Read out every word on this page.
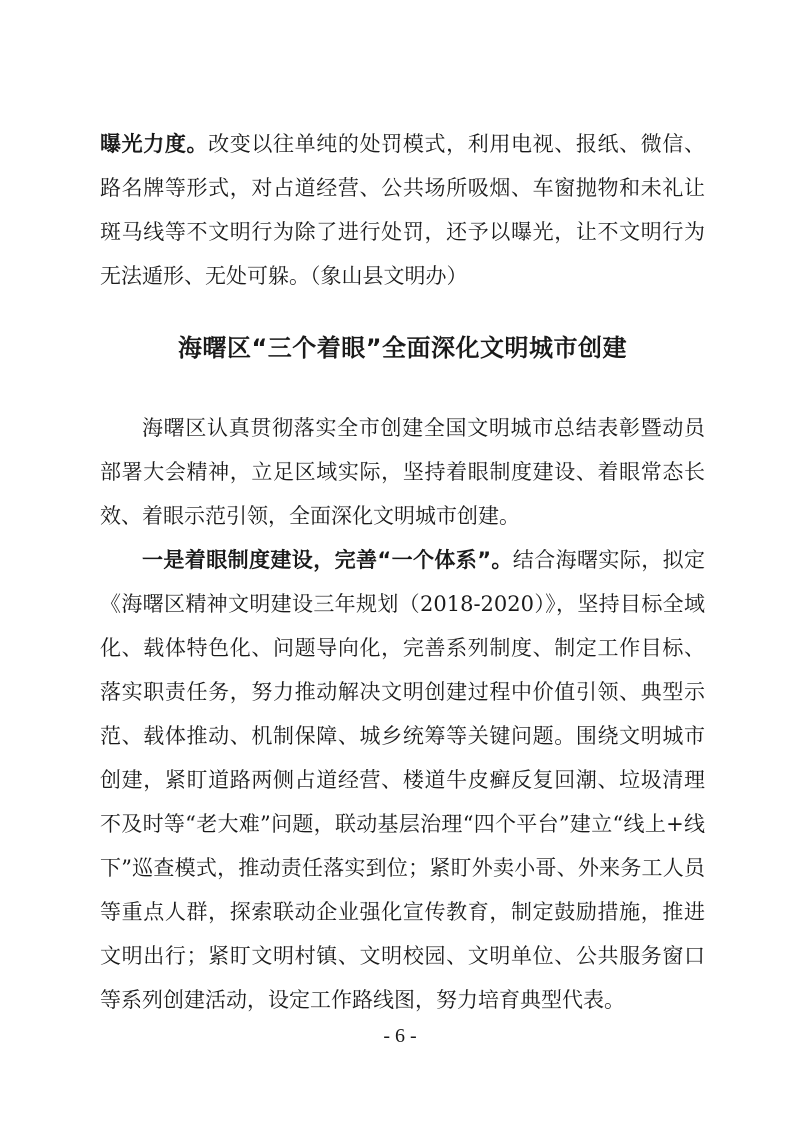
曝光力度。改变以往单纯的处罚模式，利用电视、报纸、微信、路名牌等形式，对占道经营、公共场所吸烟、车窗抛物和未礼让斑马线等不文明行为除了进行处罚，还予以曝光，让不文明行为无法遁形、无处可躲。（象山县文明办）

海曙区“三个着眼”全面深化文明城市创建

海曙区认真贯彻落实全市创建全国文明城市总结表彰暨动员部署大会精神，立足区域实际，坚持着眼制度建设、着眼常态长效、着眼示范引领，全面深化文明城市创建。

一是着眼制度建设，完善“一个体系”。结合海曙实际，拟定《海曙区精神文明建设三年规划（2018-2020）》，坚持目标全域化、载体特色化、问题导向化，完善系列制度、制定工作目标、落实职责任务，努力推动解决文明创建过程中价值引领、典型示范、载体推动、机制保障、城乡统筹等关键问题。围绕文明城市创建，紧盯道路两侧占道经营、楼道牛皮癣反复回潮、垃圾清理不及时等“老大难”问题，联动基层治理“四个平台”建立“线上+线下”巡查模式，推动责任落实到位；紧盯外卖小哥、外来务工人员等重点人群，探索联动企业强化宣传教育，制定鼓励措施，推进文明出行；紧盯文明村镇、文明校园、文明单位、公共服务窗口等系列创建活动，设定工作路线图，努力培育典型代表。

- 6 -
